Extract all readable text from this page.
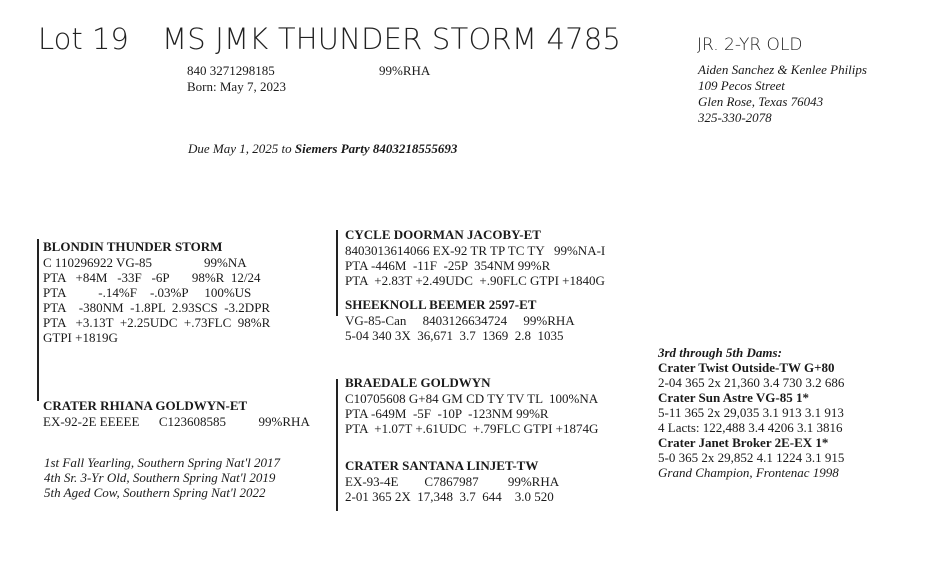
Lot 19 MS JMK THUNDER STORM 4785	JR. 2-YR OLD
840 3271298185	99%RHA
Born: May 7, 2023
Aiden Sanchez & Kenlee Philips
109 Pecos Street
Glen Rose, Texas 76043
325-330-2078
Due May 1, 2025 to Siemers Party 8403218555693
BLONDIN THUNDER STORM
C 110296922 VG-85                99%NA
PTA   +84M   -33F   -6P       98%R  12/24
PTA          -.14%F    -.03%P     100%US
PTA    -380NM  -1.8PL  2.93SCS  -3.2DPR
PTA   +3.13T  +2.25UDC  +.73FLC  98%R
GTPI +1819G
CRATER RHIANA GOLDWYN-ET
EX-92-2E EEEEE      C123608585          99%RHA
1st Fall Yearling, Southern Spring Nat'l 2017
4th Sr. 3-Yr Old, Southern Spring Nat'l 2019
5th Aged Cow, Southern Spring Nat'l 2022
CYCLE DOORMAN JACOBY-ET
8403013614066 EX-92 TR TP TC TY   99%NA-I
PTA -446M  -11F  -25P  354NM 99%R
PTA  +2.83T +2.49UDC  +.90FLC GTPI +1840G
SHEEKNOLL BEEMER 2597-ET
VG-85-Can     8403126634724     99%RHA
5-04 340 3X  36,671  3.7  1369  2.8  1035
BRAEDALE GOLDWYN
C10705608 G+84 GM CD TY TV TL  100%NA
PTA -649M  -5F  -10P  -123NM 99%R
PTA  +1.07T +.61UDC  +.79FLC GTPI +1874G
CRATER SANTANA LINJET-TW
EX-93-4E        C7867987         99%RHA
2-01 365 2X  17,348  3.7  644    3.0 520
3rd through 5th Dams:
Crater Twist Outside-TW G+80
2-04 365 2x 21,360 3.4 730 3.2 686
Crater Sun Astre VG-85 1*
5-11 365 2x 29,035 3.1 913 3.1 913
4 Lacts: 122,488 3.4 4206 3.1 3816
Crater Janet Broker 2E-EX 1*
5-0 365 2x 29,852 4.1 1224 3.1 915
Grand Champion, Frontenac 1998
